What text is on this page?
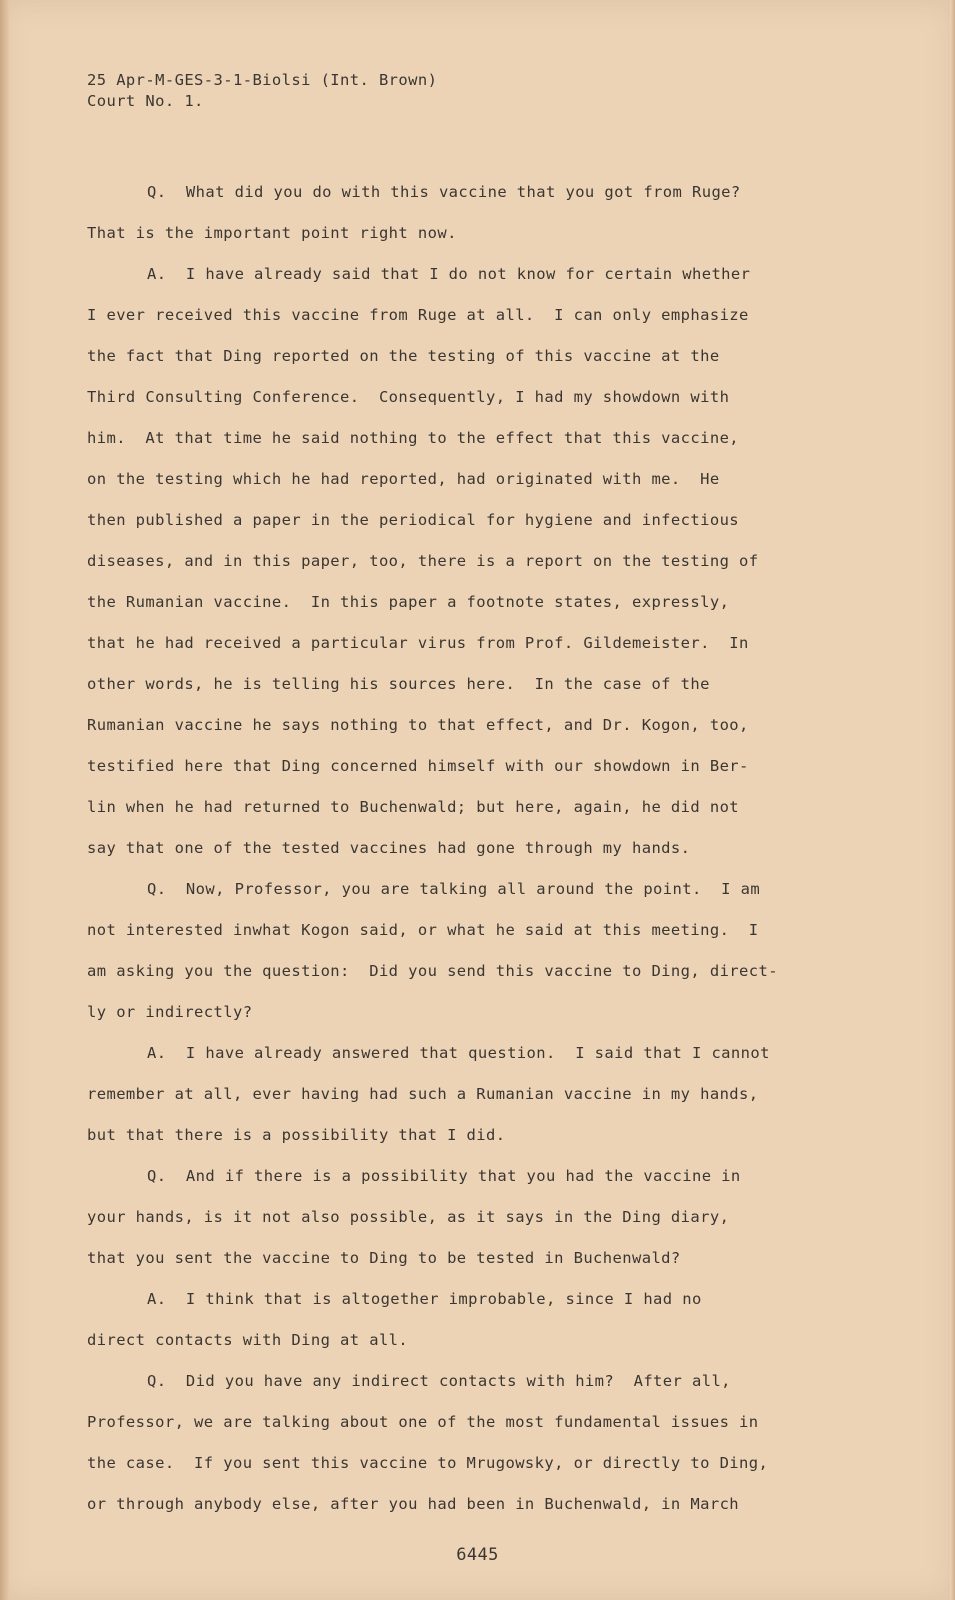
25 Apr-M-GES-3-1-Biolsi (Int. Brown)
Court No. 1.
Q.  What did you do with this vaccine that you got from Ruge?
That is the important point right now.
A.  I have already said that I do not know for certain whether
I ever received this vaccine from Ruge at all.  I can only emphasize
the fact that Ding reported on the testing of this vaccine at the
Third Consulting Conference.  Consequently, I had my showdown with
him.  At that time he said nothing to the effect that this vaccine,
on the testing which he had reported, had originated with me.  He
then published a paper in the periodical for hygiene and infectious
diseases, and in this paper, too, there is a report on the testing of
the Rumanian vaccine.  In this paper a footnote states, expressly,
that he had received a particular virus from Prof. Gildemeister.  In
other words, he is telling his sources here.  In the case of the
Rumanian vaccine he says nothing to that effect, and Dr. Kogon, too,
testified here that Ding concerned himself with our showdown in Ber-
lin when he had returned to Buchenwald; but here, again, he did not
say that one of the tested vaccines had gone through my hands.
Q.  Now, Professor, you are talking all around the point.  I am
not interested inwhat Kogon said, or what he said at this meeting.  I
am asking you the question:  Did you send this vaccine to Ding, direct-
ly or indirectly?
A.  I have already answered that question.  I said that I cannot
remember at all, ever having had such a Rumanian vaccine in my hands,
but that there is a possibility that I did.
Q.  And if there is a possibility that you had the vaccine in
your hands, is it not also possible, as it says in the Ding diary,
that you sent the vaccine to Ding to be tested in Buchenwald?
A.  I think that is altogether improbable, since I had no
direct contacts with Ding at all.
Q.  Did you have any indirect contacts with him?  After all,
Professor, we are talking about one of the most fundamental issues in
the case.  If you sent this vaccine to Mrugowsky, or directly to Ding,
or through anybody else, after you had been in Buchenwald, in March
6445
